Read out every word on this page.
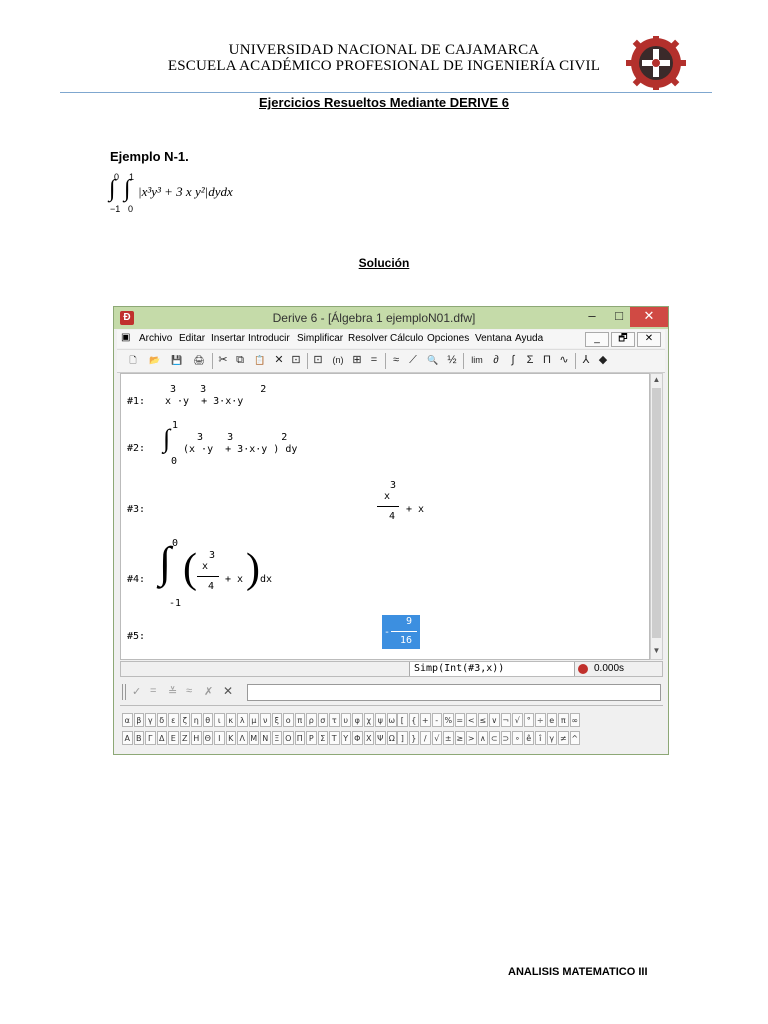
UNIVERSIDAD NACIONAL DE CAJAMARCA
ESCUELA ACADÉMICO PROFESIONAL DE INGENIERÍA CIVIL
Ejercicios Resueltos Mediante DERIVE 6
Ejemplo N-1.
0
∫
−1
1
∫
0
|x³y³ + 3 x y²|dydx
Solución
Đ	Derive 6 - [Álgebra 1 ejemploN01.dfw]	–	□	✕
▣ Archivo Editar Insertar Introducir Simplificar Resolver Cálculo Opciones Ventana Ayuda	_	🗗	✕
🗋	📂	💾	🖨	✂ ⧉	📋 ✕ ⊡ ⊡	(n) ⊞ =	≈ ⟋	🔍 ½	lim ∂	∫	Σ Π ∿	⅄ ◆
#1:
3    3         2
x ·y  + 3·x·y
#2:
1
∫
0
3    3        2
(x ·y  + 3·x·y ) dy
#3:
3
x
4
+ x
#4:
0
∫
-1
( 3
x
4
+ x ) dx
#5:	-
9
16
▲
▼
Simp(Int(#3,x))	0.000s
✓ = ≚ ≈ ✗ ✕
α β γ δ ε ζ η θ ι κ λ μ ν ξ ο π ρ σ τ υ φ χ ψ ω
Α Β Γ Δ Ε Ζ Η Θ Ι Κ Λ Μ Ν Ξ Ο Π Ρ Σ Τ Υ Φ Χ Ψ Ω
[ { + - % = < ≤ ∨ ¬ √ ° ÷ e π ∞
] } / √ ± ≥ > ∧ ⊂ ⊃ ∘ ê î	γ ≠ ^
ANALISIS MATEMATICO III
